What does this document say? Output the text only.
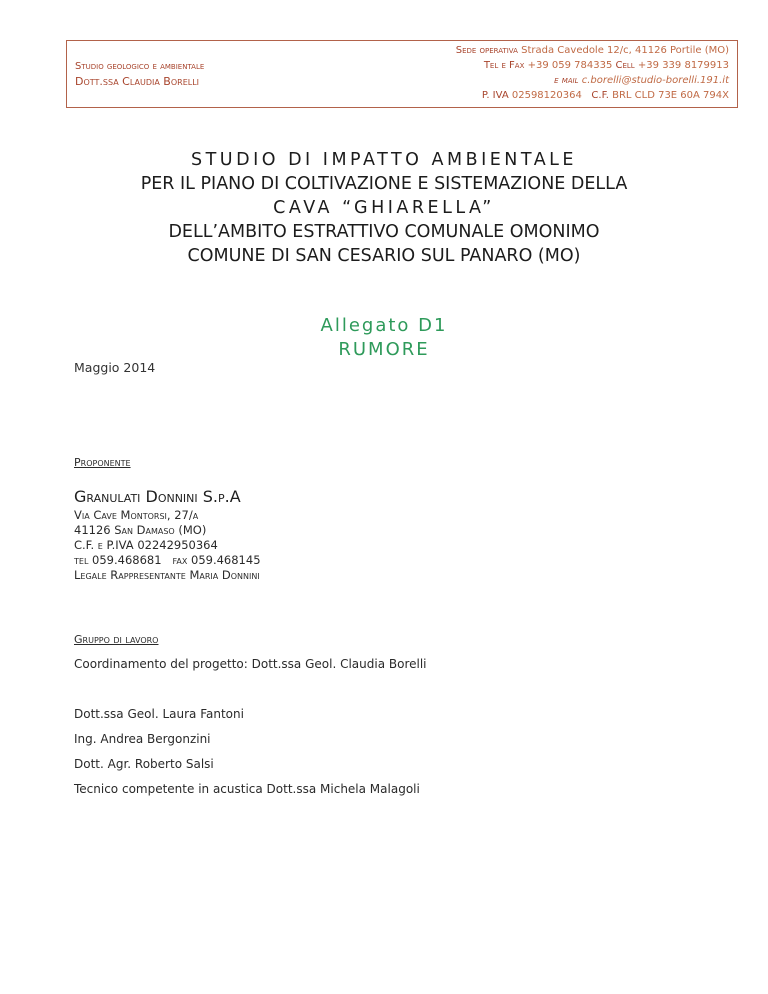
Studio geologico e ambientale
Dott.ssa Claudia Borelli
Sede operativa Strada Cavedole 12/c, 41126 Portile (MO)
Tel e Fax +39 059 784335 Cell +39 339 8179913
e mail c.borelli@studio-borelli.191.it
P. IVA 02598120364 C.F. BRL CLD 73E 60A 794X
STUDIO DI IMPATTO AMBIENTALE
PER IL PIANO DI COLTIVAZIONE E SISTEMAZIONE DELLA
CAVA “GHIARELLA”
DELL’AMBITO ESTRATTIVO COMUNALE OMONIMO
COMUNE DI SAN CESARIO SUL PANARO (MO)
Allegato D1
RUMORE
Maggio 2014
Proponente
Granulati Donnini S.p.A
Via Cave Montorsi, 27/a
41126 San Damaso (MO)
C.F. e P.IVA 02242950364
tel 059.468681   fax 059.468145
Legale Rappresentante Maria Donnini
Gruppo di lavoro
Coordinamento del progetto: Dott.ssa Geol. Claudia Borelli
Dott.ssa Geol. Laura Fantoni
Ing. Andrea Bergonzini
Dott. Agr. Roberto Salsi
Tecnico competente in acustica Dott.ssa Michela Malagoli
